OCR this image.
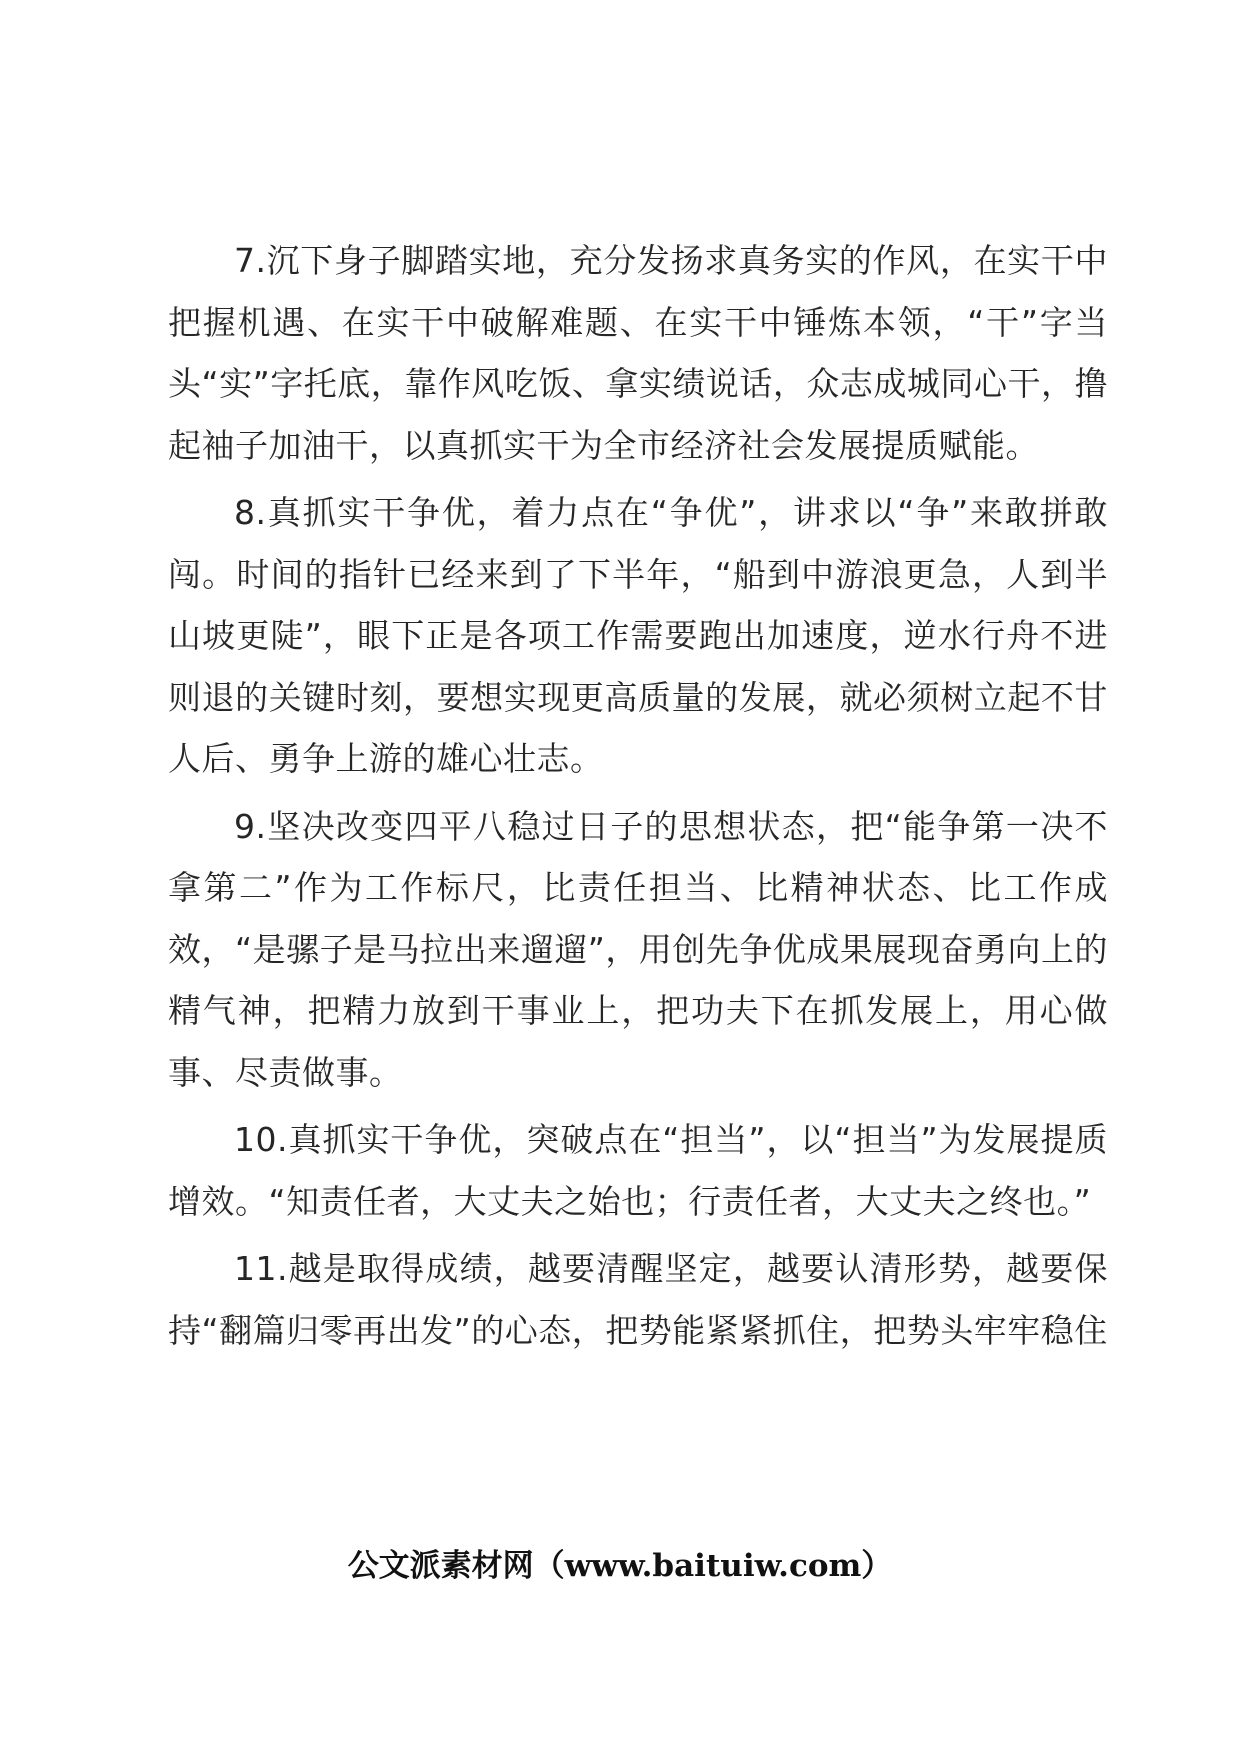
7.沉下身子脚踏实地，充分发扬求真务实的作风，在实干中把握机遇、在实干中破解难题、在实干中锤炼本领，“干”字当头“实”字托底，靠作风吃饭、拿实绩说话，众志成城同心干，撸起袖子加油干，以真抓实干为全市经济社会发展提质赋能。

8.真抓实干争优，着力点在“争优”，讲求以“争”来敢拼敢闯。时间的指针已经来到了下半年，“船到中游浪更急，人到半山坡更陡”，眼下正是各项工作需要跑出加速度，逆水行舟不进则退的关键时刻，要想实现更高质量的发展，就必须树立起不甘人后、勇争上游的雄心壮志。

9.坚决改变四平八稳过日子的思想状态，把“能争第一决不拿第二”作为工作标尺，比责任担当、比精神状态、比工作成效，“是骡子是马拉出来遛遛”，用创先争优成果展现奋勇向上的精气神，把精力放到干事业上，把功夫下在抓发展上，用心做事、尽责做事。

10.真抓实干争优，突破点在“担当”，以“担当”为发展提质增效。“知责任者，大丈夫之始也；行责任者，大丈夫之终也。”

11.越是取得成绩，越要清醒坚定，越要认清形势，越要保持“翻篇归零再出发”的心态，把势能紧紧抓住，把势头牢牢稳住

公文派素材网（www.baituiw.com）
